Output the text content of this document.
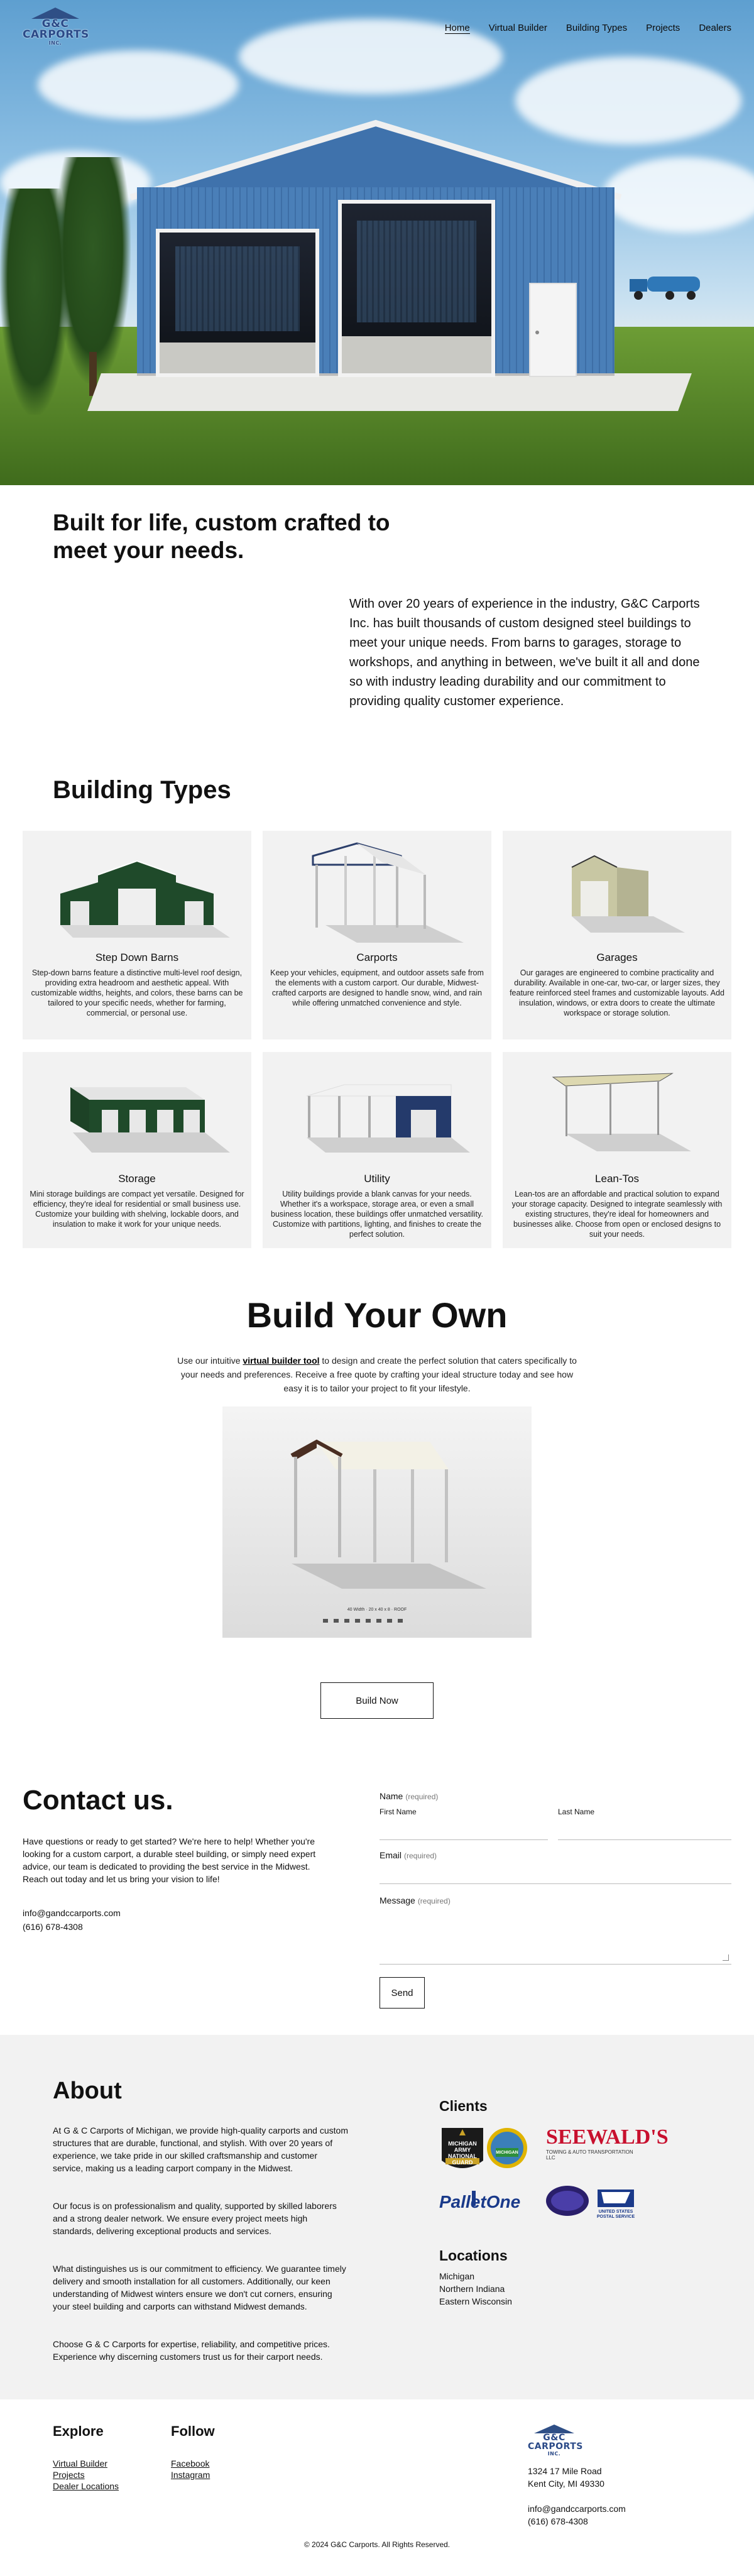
G&C
CARPORTS
INC.
Home Virtual Builder Building Types Projects Dealers
Built for life, custom crafted to meet your needs.

With over 20 years of experience in the industry, G&C Carports Inc. has built thousands of custom designed steel buildings to meet your unique needs. From barns to garages, storage to workshops, and anything in between, we've built it all and done so with industry leading durability and our commitment to providing quality customer experience.

Building Types
Step Down Barns
Step-down barns feature a distinctive multi-level roof design, providing extra headroom and aesthetic appeal. With customizable widths, heights, and colors, these barns can be tailored to your specific needs, whether for farming, commercial, or personal use.
Carports
Keep your vehicles, equipment, and outdoor assets safe from the elements with a custom carport. Our durable, Midwest-crafted carports are designed to handle snow, wind, and rain while offering unmatched convenience and style.
Garages
Our garages are engineered to combine practicality and durability. Available in one-car, two-car, or larger sizes, they feature reinforced steel frames and customizable layouts. Add insulation, windows, or extra doors to create the ultimate workspace or storage solution.
Storage
Mini storage buildings are compact yet versatile. Designed for efficiency, they're ideal for residential or small business use. Customize your building with shelving, lockable doors, and insulation to make it work for your unique needs.
Utility
Utility buildings provide a blank canvas for your needs. Whether it's a workspace, storage area, or even a small business location, these buildings offer unmatched versatility. Customize with partitions, lighting, and finishes to create the perfect solution.
Lean-Tos
Lean-tos are an affordable and practical solution to expand your storage capacity. Designed to integrate seamlessly with existing structures, they're ideal for homeowners and businesses alike. Choose from open or enclosed designs to suit your needs.
Build Your Own

Use our intuitive virtual builder tool to design and create the perfect solution that caters specifically to your needs and preferences. Receive a free quote by crafting your ideal structure today and see how easy it is to tailor your project to fit your lifestyle.

40 Width · 20 x 40 x 8 · ROOF
Build Now
Contact us.

Have questions or ready to get started? We're here to help! Whether you're looking for a custom carport, a durable steel building, or simply need expert advice, our team is dedicated to providing the best service in the Midwest. Reach out today and let us bring your vision to life!

info@gandccarports.com
(616) 678-4308
Name (required)
First Name	Last Name
Email (required)
Message (required)
Send
About

At G & C Carports of Michigan, we provide high-quality carports and custom structures that are durable, functional, and stylish. With over 20 years of experience, we take pride in our skilled craftsmanship and customer service, making us a leading carport company in the Midwest.

Our focus is on professionalism and quality, supported by skilled laborers and a strong dealer network. We ensure every project meets high standards, delivering exceptional products and services.

What distinguishes us is our commitment to efficiency. We guarantee timely delivery and smooth installation for all customers. Additionally, our keen understanding of Midwest winters ensure we don't cut corners, ensuring your steel building and carports can withstand Midwest demands.

Choose G & C Carports for expertise, reliability, and competitive prices. Experience why discerning customers trust us for their carport needs.

Clients
MICHIGAN ARMY NATIONAL GUARD
MICHIGAN
SEEWALD'S
TOWING & AUTO TRANSPORTATION LLC
PalletOne
UNITED STATES POSTAL SERVICE
Locations
Michigan
Northern Indiana
Eastern Wisconsin
Explore
Virtual Builder
Projects
Dealer Locations
Follow
Facebook
Instagram
G&C
CARPORTS
INC.
1324 17 Mile Road
Kent City, MI 49330
info@gandccarports.com
(616) 678-4308
© 2024 G&C Carports. All Rights Reserved.
